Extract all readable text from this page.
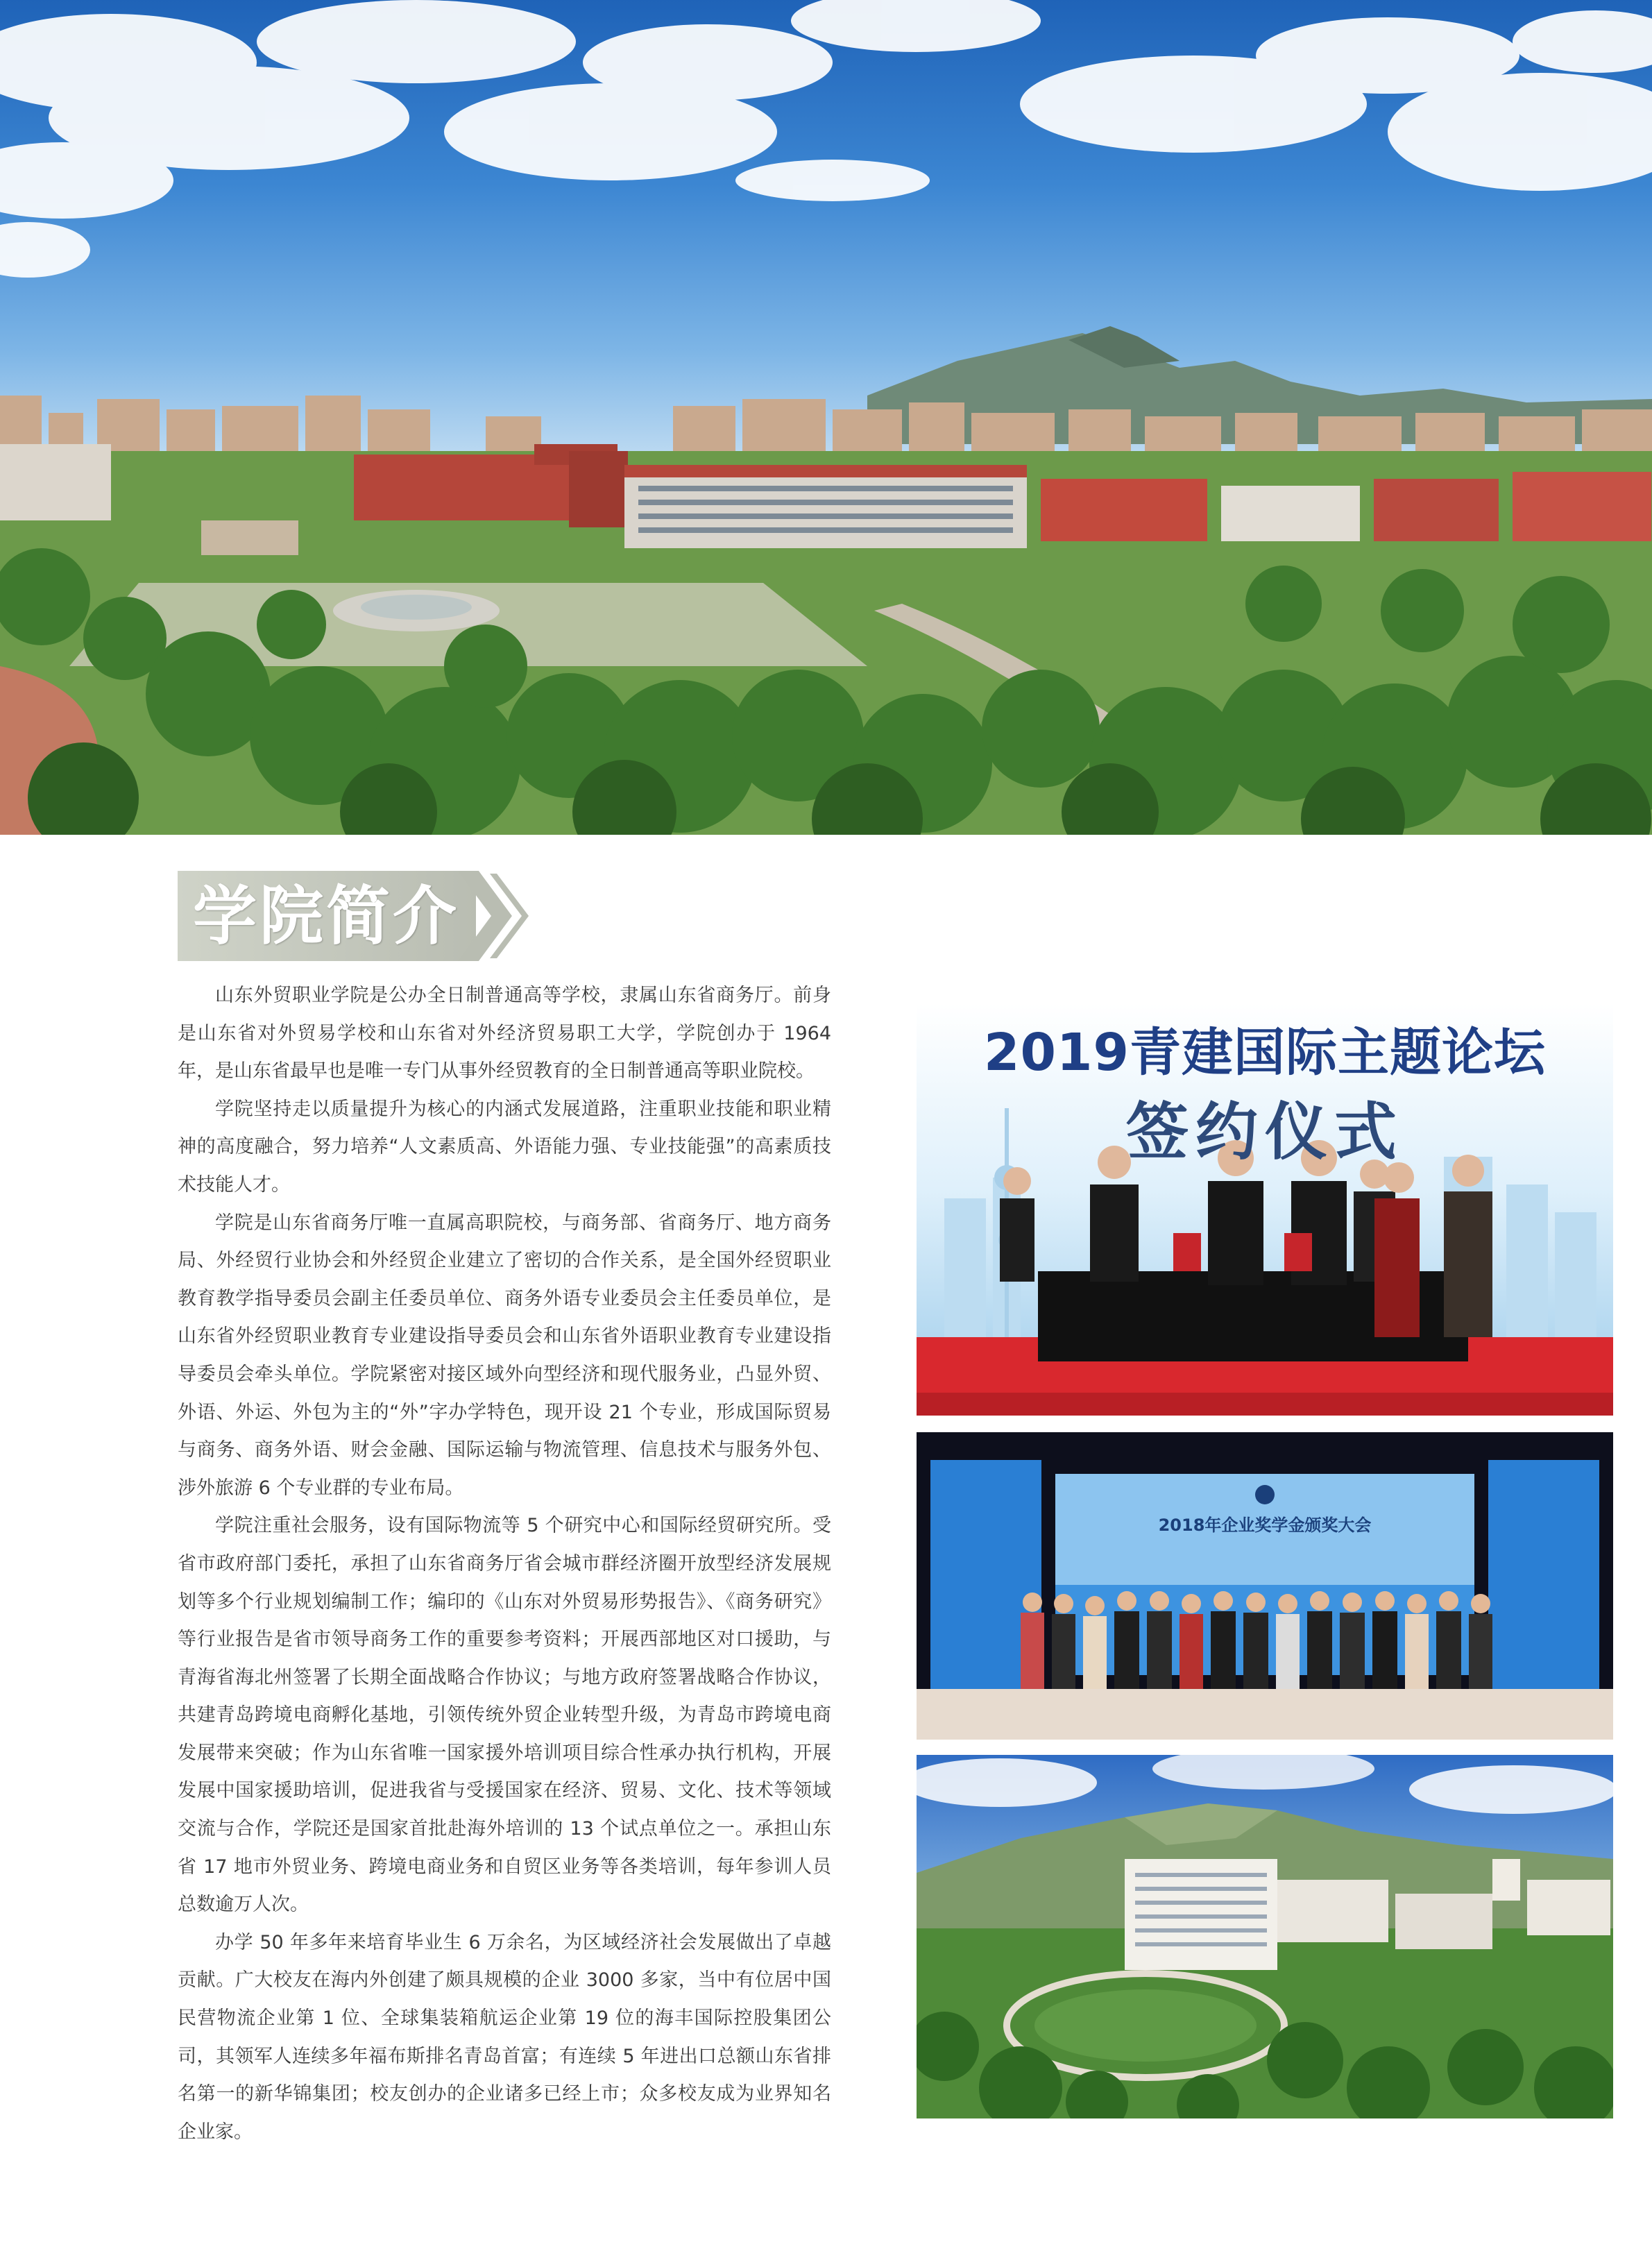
学院简介

山东外贸职业学院是公办全日制普通高等学校，隶属山东省商务厅。前身是山东省对外贸易学校和山东省对外经济贸易职工大学，学院创办于 1964 年，是山东省最早也是唯一专门从事外经贸教育的全日制普通高等职业院校。

学院坚持走以质量提升为核心的内涵式发展道路，注重职业技能和职业精神的高度融合，努力培养“人文素质高、外语能力强、专业技能强”的高素质技术技能人才。

学院是山东省商务厅唯一直属高职院校，与商务部、省商务厅、地方商务局、外经贸行业协会和外经贸企业建立了密切的合作关系，是全国外经贸职业教育教学指导委员会副主任委员单位、商务外语专业委员会主任委员单位，是山东省外经贸职业教育专业建设指导委员会和山东省外语职业教育专业建设指导委员会牵头单位。学院紧密对接区域外向型经济和现代服务业，凸显外贸、外语、外运、外包为主的“外”字办学特色，现开设 21 个专业，形成国际贸易与商务、商务外语、财会金融、国际运输与物流管理、信息技术与服务外包、涉外旅游 6 个专业群的专业布局。

学院注重社会服务，设有国际物流等 5 个研究中心和国际经贸研究所。受省市政府部门委托，承担了山东省商务厅省会城市群经济圈开放型经济发展规划等多个行业规划编制工作；编印的《山东对外贸易形势报告》、《商务研究》等行业报告是省市领导商务工作的重要参考资料；开展西部地区对口援助，与青海省海北州签署了长期全面战略合作协议；与地方政府签署战略合作协议，共建青岛跨境电商孵化基地，引领传统外贸企业转型升级，为青岛市跨境电商发展带来突破；作为山东省唯一国家援外培训项目综合性承办执行机构，开展发展中国家援助培训，促进我省与受援国家在经济、贸易、文化、技术等领域交流与合作，学院还是国家首批赴海外培训的 13 个试点单位之一。承担山东省 17 地市外贸业务、跨境电商业务和自贸区业务等各类培训，每年参训人员总数逾万人次。

办学 50 年多年来培育毕业生 6 万余名，为区域经济社会发展做出了卓越贡献。广大校友在海内外创建了颇具规模的企业 3000 多家，当中有位居中国民营物流企业第 1 位、全球集装箱航运企业第 19 位的海丰国际控股集团公司，其领军人连续多年福布斯排名青岛首富；有连续 5 年进出口总额山东省排名第一的新华锦集团；校友创办的企业诸多已经上市；众多校友成为业界知名企业家。

2019青建国际主题论坛
签约仪式
2018年企业奖学金颁奖大会
